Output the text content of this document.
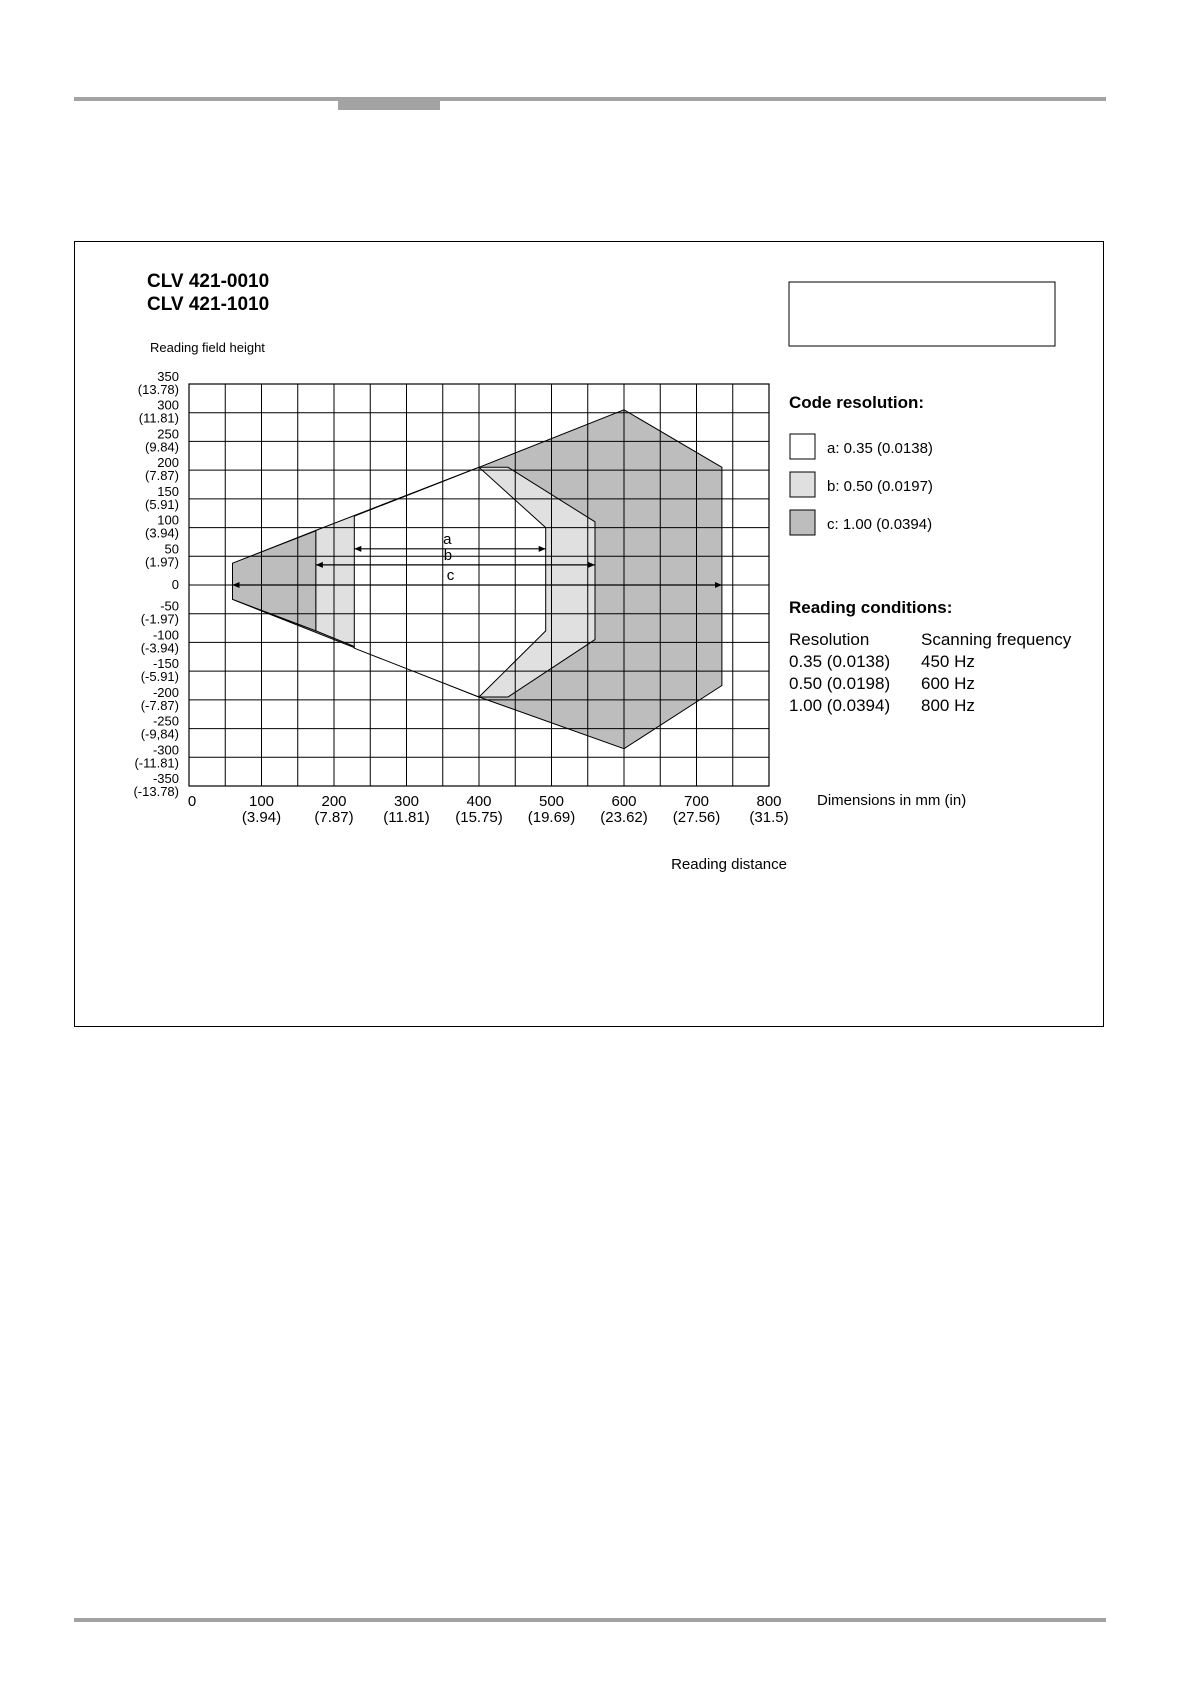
CLV 421-0010
CLV 421-1010
Reading field height
c
b
a
350
(13.78)
300
(11.81)
250
(9.84)
200
(7.87)
150
(5.91)
100
(3.94)
50
(1.97)
0
-50
(-1.97)
-100
(-3.94)
-150
(-5.91)
-200
(-7.87)
-250
(-9,84)
-300
(-11.81)
-350
(-13.78)
0	100
(3.94)
200
(7.87)
300
(11.81)
400
(15.75)
500
(19.69)
600
(23.62)
700
(27.56)
800
(31.5)
Reading distance
Dimensions in mm (in)
Code resolution:
a: 0.35 (0.0138)
b: 0.50 (0.0197)
c: 1.00 (0.0394)
Reading conditions:
Resolution	Scanning frequency
0.35 (0.0138) 450 Hz
0.50 (0.0198) 600 Hz
1.00 (0.0394) 800 Hz
